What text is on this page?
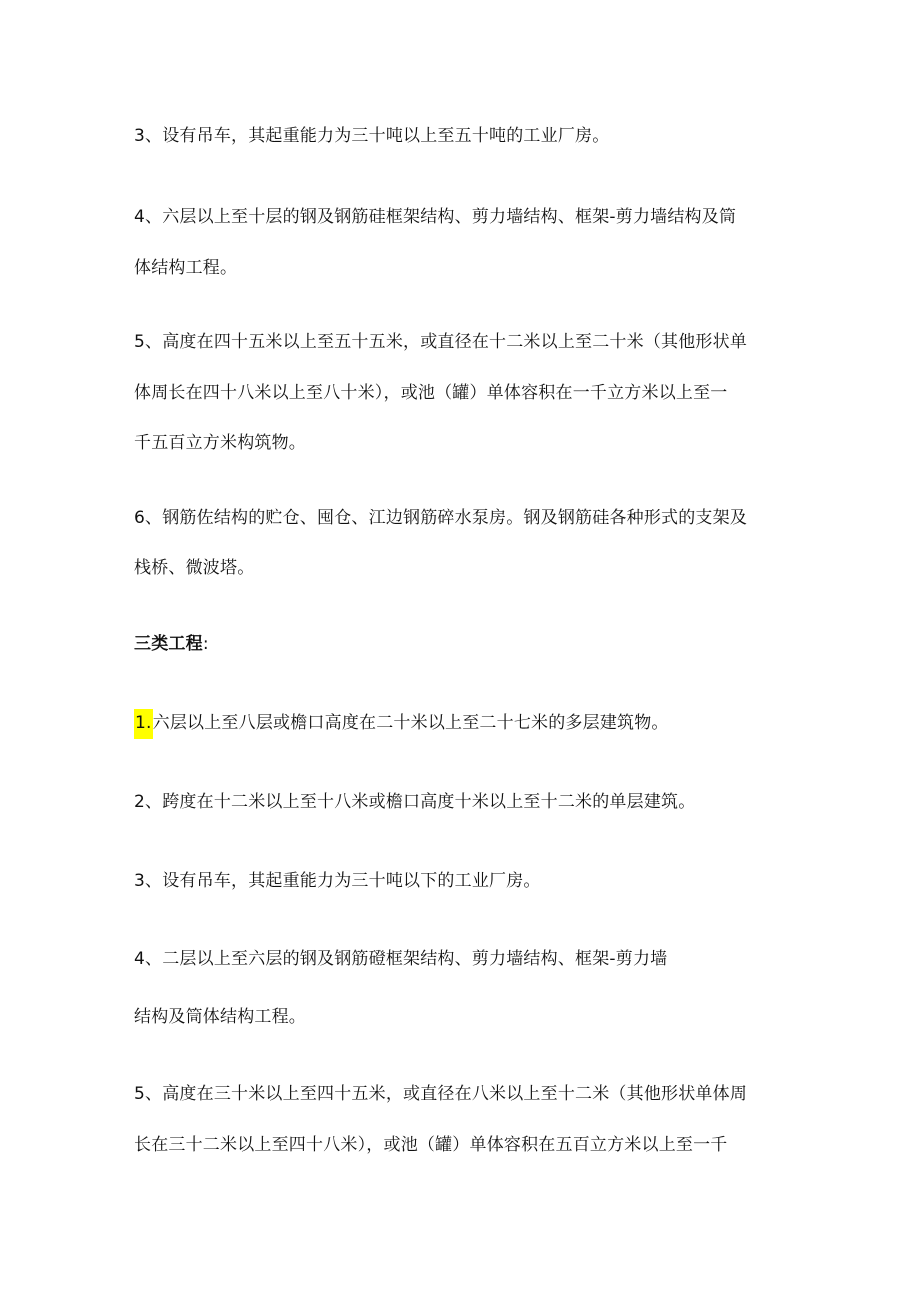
3、设有吊车，其起重能力为三十吨以上至五十吨的工业厂房。
4、六层以上至十层的钢及钢筋硅框架结构、剪力墙结构、框架-剪力墙结构及筒
体结构工程。
5、高度在四十五米以上至五十五米，或直径在十二米以上至二十米（其他形状单
体周长在四十八米以上至八十米），或池（罐）单体容积在一千立方米以上至一
千五百立方米构筑物。
6、钢筋佐结构的贮仓、囤仓、江边钢筋碎水泵房。钢及钢筋硅各种形式的支架及
栈桥、微波塔。
三类工程:
1.六层以上至八层或檐口高度在二十米以上至二十七米的多层建筑物。
2、跨度在十二米以上至十八米或檐口高度十米以上至十二米的单层建筑。
3、设有吊车，其起重能力为三十吨以下的工业厂房。
4、二层以上至六层的钢及钢筋磴框架结构、剪力墙结构、框架-剪力墙
结构及筒体结构工程。
5、高度在三十米以上至四十五米，或直径在八米以上至十二米（其他形状单体周
长在三十二米以上至四十八米），或池（罐）单体容积在五百立方米以上至一千
